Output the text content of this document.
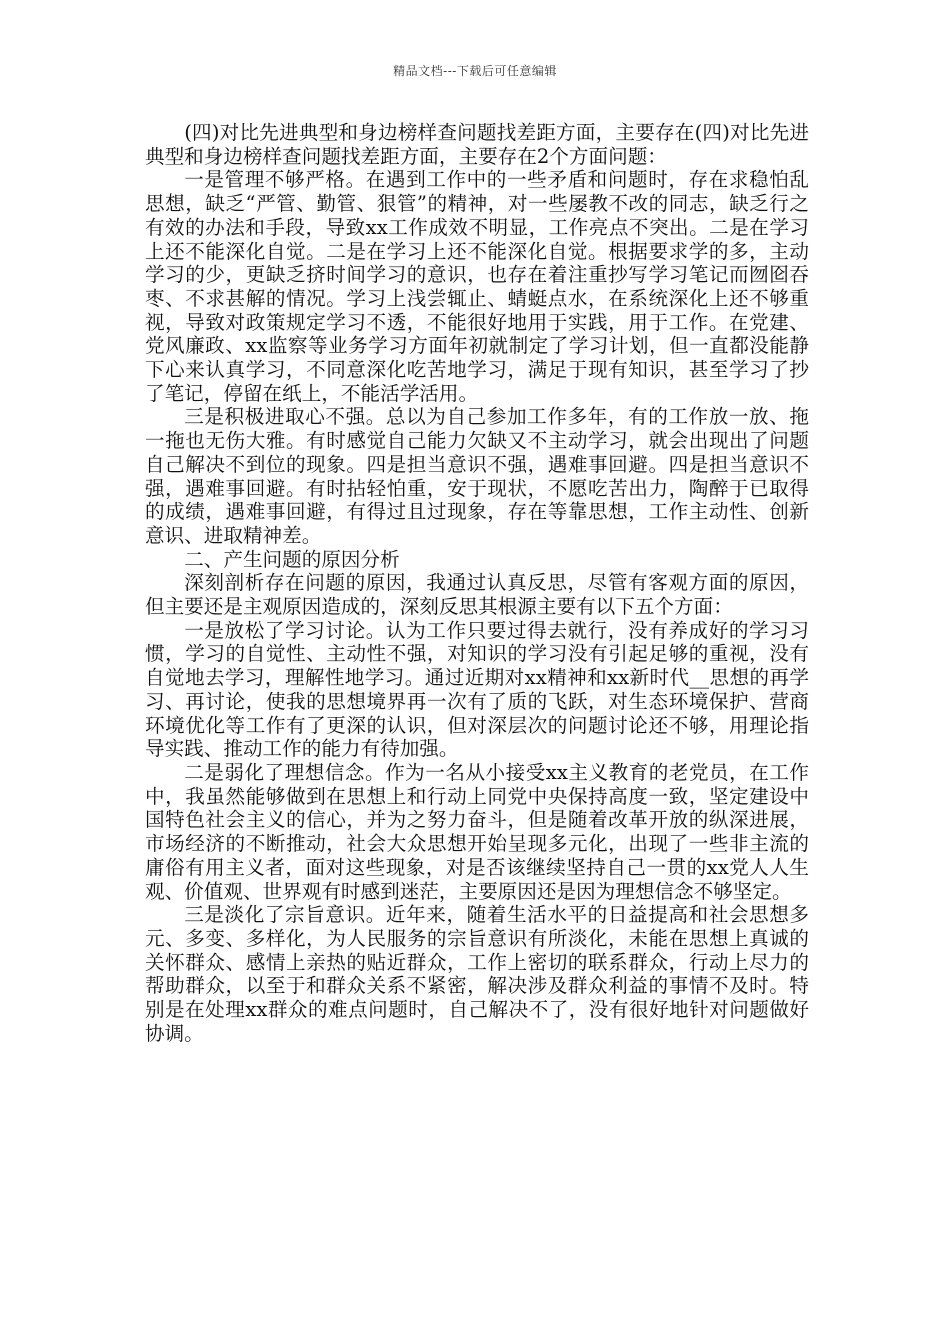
精品文档---下载后可任意编辑

(四)对比先进典型和身边榜样查问题找差距方面，主要存在(四)对比先进典型和身边榜样查问题找差距方面，主要存在2个方面问题：

一是管理不够严格。在遇到工作中的一些矛盾和问题时，存在求稳怕乱思想，缺乏“严管、勤管、狠管”的精神，对一些屡教不改的同志，缺乏行之有效的办法和手段，导致xx工作成效不明显，工作亮点不突出。二是在学习上还不能深化自觉。二是在学习上还不能深化自觉。根据要求学的多，主动学习的少，更缺乏挤时间学习的意识，也存在着注重抄写学习笔记而囫囵吞枣、不求甚解的情况。学习上浅尝辄止、蜻蜓点水，在系统深化上还不够重视，导致对政策规定学习不透，不能很好地用于实践，用于工作。在党建、党风廉政、xx监察等业务学习方面年初就制定了学习计划，但一直都没能静下心来认真学习，不同意深化吃苦地学习，满足于现有知识，甚至学习了抄了笔记，停留在纸上，不能活学活用。

三是积极进取心不强。总以为自己参加工作多年，有的工作放一放、拖一拖也无伤大雅。有时感觉自己能力欠缺又不主动学习，就会出现出了问题自己解决不到位的现象。四是担当意识不强，遇难事回避。四是担当意识不强，遇难事回避。有时拈轻怕重，安于现状，不愿吃苦出力，陶醉于已取得的成绩，遇难事回避，有得过且过现象，存在等靠思想，工作主动性、创新意识、进取精神差。

二、产生问题的原因分析

深刻剖析存在问题的原因，我通过认真反思，尽管有客观方面的原因，但主要还是主观原因造成的，深刻反思其根源主要有以下五个方面：

一是放松了学习讨论。认为工作只要过得去就行，没有养成好的学习习惯，学习的自觉性、主动性不强，对知识的学习没有引起足够的重视，没有自觉地去学习，理解性地学习。通过近期对xx精神和xx新时代__思想的再学习、再讨论，使我的思想境界再一次有了质的飞跃，对生态环境保护、营商环境优化等工作有了更深的认识，但对深层次的问题讨论还不够，用理论指导实践、推动工作的能力有待加强。

二是弱化了理想信念。作为一名从小接受xx主义教育的老党员，在工作中，我虽然能够做到在思想上和行动上同党中央保持高度一致，坚定建设中国特色社会主义的信心，并为之努力奋斗，但是随着改革开放的纵深进展，市场经济的不断推动，社会大众思想开始呈现多元化，出现了一些非主流的庸俗有用主义者，面对这些现象，对是否该继续坚持自己一贯的xx党人人生观、价值观、世界观有时感到迷茫，主要原因还是因为理想信念不够坚定。

三是淡化了宗旨意识。近年来，随着生活水平的日益提高和社会思想多元、多变、多样化，为人民服务的宗旨意识有所淡化，未能在思想上真诚的关怀群众、感情上亲热的贴近群众，工作上密切的联系群众，行动上尽力的帮助群众，以至于和群众关系不紧密，解决涉及群众利益的事情不及时。特别是在处理xx群众的难点问题时，自己解决不了，没有很好地针对问题做好协调。
